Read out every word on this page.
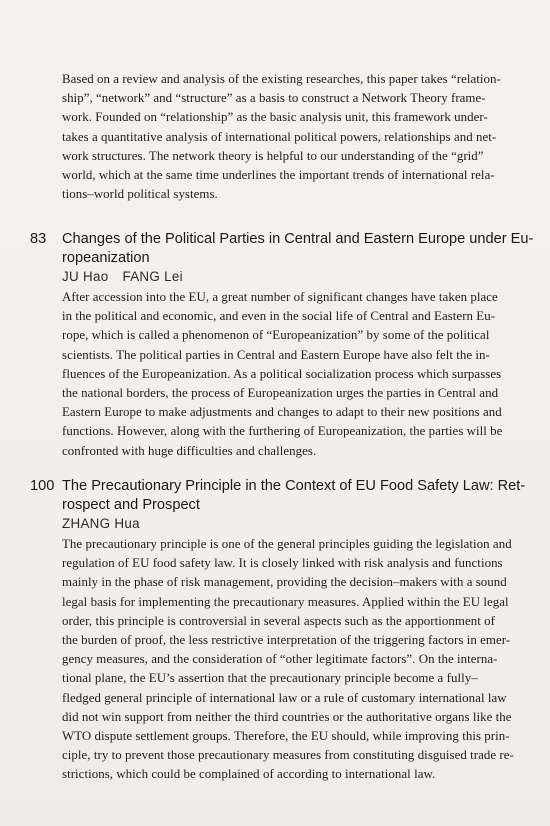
Based on a review and analysis of the existing researches, this paper takes “relation-
ship”, “network” and “structure” as a basis to construct a Network Theory frame-
work. Founded on “relationship” as the basic analysis unit, this framework under-
takes a quantitative analysis of international political powers, relationships and net-
work structures. The network theory is helpful to our understanding of the “grid”
world, which at the same time underlines the important trends of international rela-
tions–world political systems.
83 Changes of the Political Parties in Central and Eastern Europe under Eu-
ropeanization
JU Hao FANG Lei
After accession into the EU, a great number of significant changes have taken place
in the political and economic, and even in the social life of Central and Eastern Eu-
rope, which is called a phenomenon of “Europeanization” by some of the political
scientists. The political parties in Central and Eastern Europe have also felt the in-
fluences of the Europeanization. As a political socialization process which surpasses
the national borders, the process of Europeanization urges the parties in Central and
Eastern Europe to make adjustments and changes to adapt to their new positions and
functions. However, along with the furthering of Europeanization, the parties will be
confronted with huge difficulties and challenges.
100 The Precautionary Principle in the Context of EU Food Safety Law: Ret-
rospect and Prospect
ZHANG Hua
The precautionary principle is one of the general principles guiding the legislation and
regulation of EU food safety law. It is closely linked with risk analysis and functions
mainly in the phase of risk management, providing the decision–makers with a sound
legal basis for implementing the precautionary measures. Applied within the EU legal
order, this principle is controversial in several aspects such as the apportionment of
the burden of proof, the less restrictive interpretation of the triggering factors in emer-
gency measures, and the consideration of “other legitimate factors”. On the interna-
tional plane, the EU’s assertion that the precautionary principle become a fully–
fledged general principle of international law or a rule of customary international law
did not win support from neither the third countries or the authoritative organs like the
WTO dispute settlement groups. Therefore, the EU should, while improving this prin-
ciple, try to prevent those precautionary measures from constituting disguised trade re-
strictions, which could be complained of according to international law.
